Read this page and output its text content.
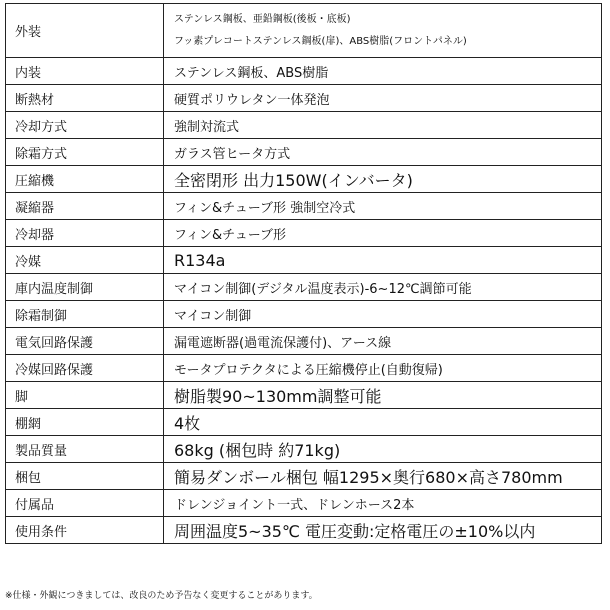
外装	ステンレス鋼板、亜鉛鋼板(後板・底板)
フッ素プレコートステンレス鋼板(扉)、ABS樹脂(フロントパネル)

内装	ステンレス鋼板、ABS樹脂
断熱材	硬質ポリウレタン一体発泡
冷却方式	強制対流式
除霜方式	ガラス管ヒータ方式
圧縮機	全密閉形 出力150W(インバータ)
凝縮器	フィン&チューブ形 強制空冷式
冷却器	フィン&チューブ形
冷媒	R134a
庫内温度制御	マイコン制御(デジタル温度表示)-6~12℃調節可能
除霜制御	マイコン制御
電気回路保護	漏電遮断器(過電流保護付)、アース線
冷媒回路保護	モータプロテクタによる圧縮機停止(自動復帰)
脚	樹脂製90~130mm調整可能
棚網	4枚
製品質量	68kg (梱包時 約71kg)
梱包	簡易ダンボール梱包 幅1295×奥行680×高さ780mm
付属品	ドレンジョイント一式、ドレンホース2本
使用条件	周囲温度5~35℃ 電圧変動:定格電圧の±10%以内
※仕様・外観につきましては、改良のため予告なく変更することがあります。
